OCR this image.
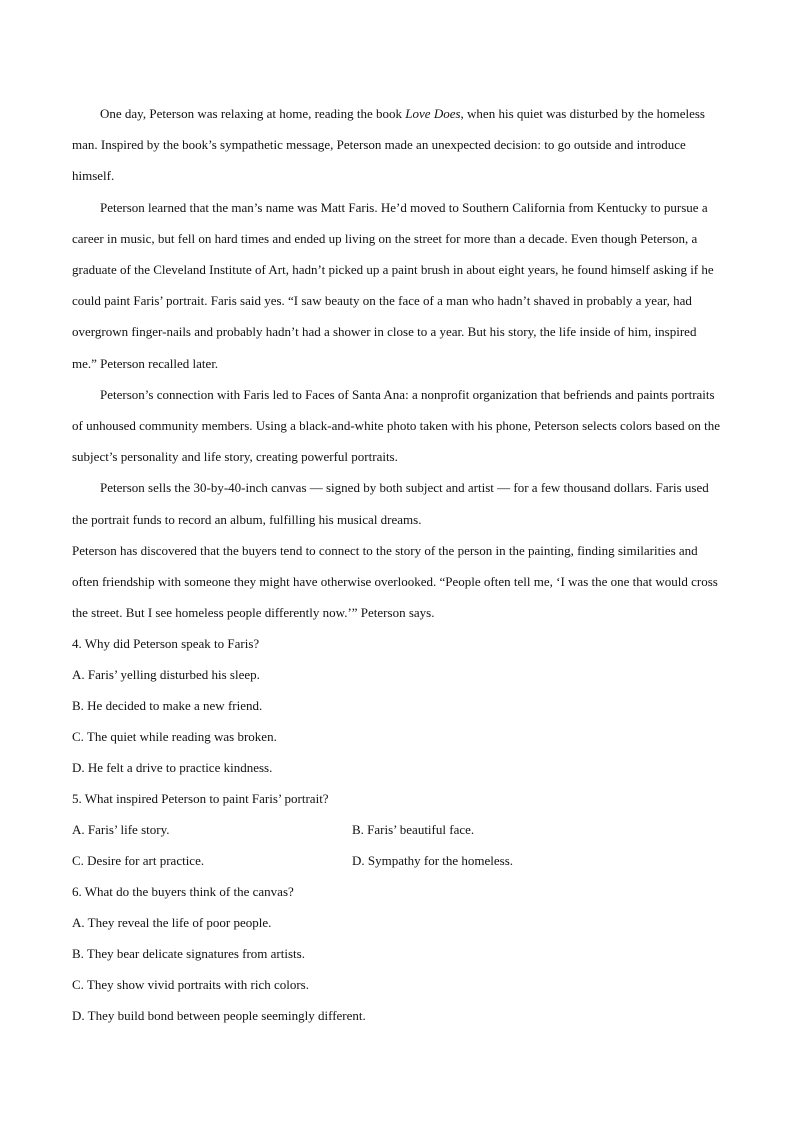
One day, Peterson was relaxing at home, reading the book Love Does, when his quiet was disturbed by the homeless man. Inspired by the book’s sympathetic message, Peterson made an unexpected decision: to go outside and introduce himself.

Peterson learned that the man’s name was Matt Faris. He’d moved to Southern California from Kentucky to pursue a career in music, but fell on hard times and ended up living on the street for more than a decade. Even though Peterson, a graduate of the Cleveland Institute of Art, hadn’t picked up a paint brush in about eight years, he found himself asking if he could paint Faris’ portrait. Faris said yes. “I saw beauty on the face of a man who hadn’t shaved in probably a year, had overgrown finger-nails and probably hadn’t had a shower in close to a year. But his story, the life inside of him, inspired me.” Peterson recalled later.

Peterson’s connection with Faris led to Faces of Santa Ana: a nonprofit organization that befriends and paints portraits of unhoused community members. Using a black-and-white photo taken with his phone, Peterson selects colors based on the subject’s personality and life story, creating powerful portraits.

Peterson sells the 30-by-40-inch canvas — signed by both subject and artist — for a few thousand dollars. Faris used the portrait funds to record an album, fulfilling his musical dreams.

Peterson has discovered that the buyers tend to connect to the story of the person in the painting, finding similarities and often friendship with someone they might have otherwise overlooked. “People often tell me, ‘I was the one that would cross the street. But I see homeless people differently now.’” Peterson says.

4. Why did Peterson speak to Faris?

A. Faris’ yelling disturbed his sleep.

B. He decided to make a new friend.

C. The quiet while reading was broken.

D. He felt a drive to practice kindness.

5. What inspired Peterson to paint Faris’ portrait?

A. Faris’ life story.	B. Faris’ beautiful face.

C. Desire for art practice.	D. Sympathy for the homeless.

6. What do the buyers think of the canvas?

A. They reveal the life of poor people.

B. They bear delicate signatures from artists.

C. They show vivid portraits with rich colors.

D. They build bond between people seemingly different.
